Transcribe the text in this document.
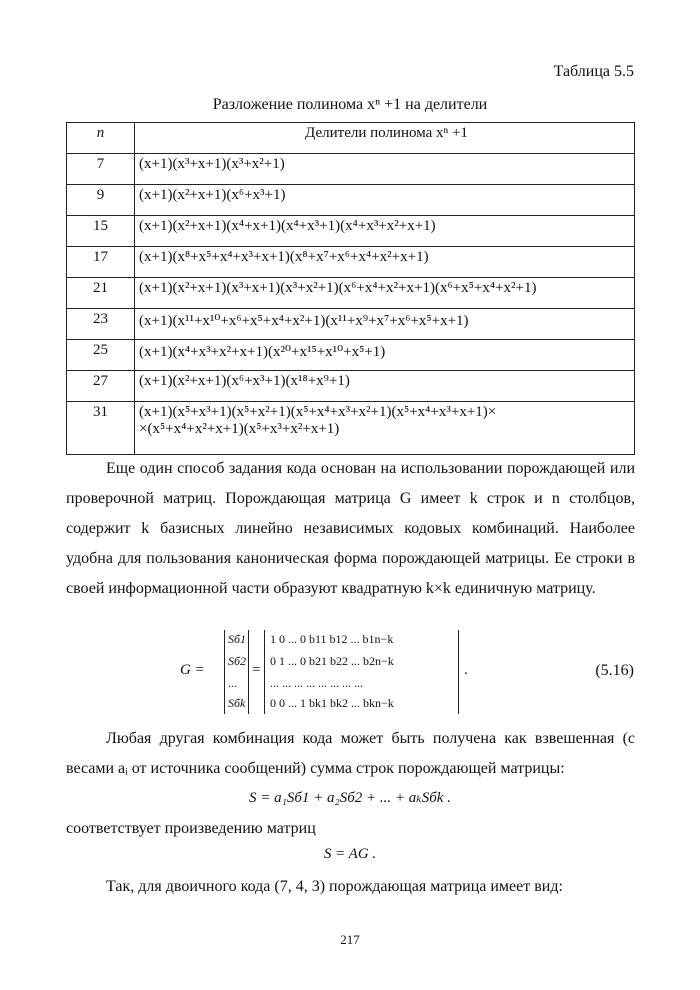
Таблица 5.5
Разложение полинома xⁿ +1 на делители
n	Делители полинома xⁿ +1
7	(x+1)(x³+x+1)(x³+x²+1)
9	(x+1)(x²+x+1)(x⁶+x³+1)
15	(x+1)(x²+x+1)(x⁴+x+1)(x⁴+x³+1)(x⁴+x³+x²+x+1)
17	(x+1)(x⁸+x⁵+x⁴+x³+x+1)(x⁸+x⁷+x⁶+x⁴+x²+x+1)
21	(x+1)(x²+x+1)(x³+x+1)(x³+x²+1)(x⁶+x⁴+x²+x+1)(x⁶+x⁵+x⁴+x²+1)
23	(x+1)(x¹¹+x¹⁰+x⁶+x⁵+x⁴+x²+1)(x¹¹+x⁹+x⁷+x⁶+x⁵+x+1)
25	(x+1)(x⁴+x³+x²+x+1)(x²⁰+x¹⁵+x¹⁰+x⁵+1)
27	(x+1)(x²+x+1)(x⁶+x³+1)(x¹⁸+x⁹+1)
31	(x+1)(x⁵+x³+1)(x⁵+x²+1)(x⁵+x⁴+x³+x²+1)(x⁵+x⁴+x³+x+1)×
×(x⁵+x⁴+x²+x+1)(x⁵+x³+x²+x+1)
Еще один способ задания кода основан на использовании порождающей или проверочной матриц. Порождающая матрица G имеет k строк и n столбцов, содержит k базисных линейно независимых кодовых комбинаций. Наиболее удобна для пользования каноническая форма порождающей матрицы. Ее строки в своей информационной части образуют квадратную k×k единичную матрицу.
G =
Sб1
Sб2
...
Sбk
=
1 0 ... 0 b11 b12 ... b1n−k
0 1 ... 0 b21 b22 ... b2n−k
... ... ... ... ... ... ... ...
0 0 ... 1 bk1 bk2 ... bkn−k
.	(5.16)
Любая другая комбинация кода может быть получена как взвешенная (с весами aᵢ от источника сообщений) сумма строк порождающей матрицы:
S = a₁Sб1 + a₂Sб2 + ... + aₖSбk .
соответствует произведению матриц
S = AG .
Так, для двоичного кода (7, 4, 3) порождающая матрица имеет вид:
217
